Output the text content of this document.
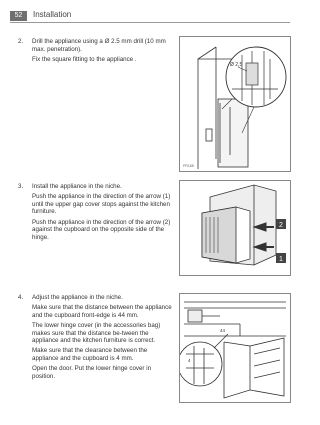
52	Installation
2. Drill the appliance using a Ø 2.5 mm drill (10 mm max. penetration).

Fix the square fitting to the appliance .

3. Install the appliance in the niche.

Push the appliance in the direction of the arrow (1) until the upper gap cover stops against the kitchen furniture.

Push the appliance in the direction of the arrow (2) against the cupboard on the opposite side of the hinge.

4. Adjust the appliance in the niche.

Make sure that the distance between the appliance and the cupboard front-edge is 44 mm.

The lower hinge cover (in the accessories bag) makes sure that the distance be-tween the appliance and the kitchen furniture is correct.

Make sure that the clearance between the appliance and the cupboard is 4 mm.

Open the door. Put the lower hinge cover in position.

Ø 2,5
PR188
2
1
44
4
